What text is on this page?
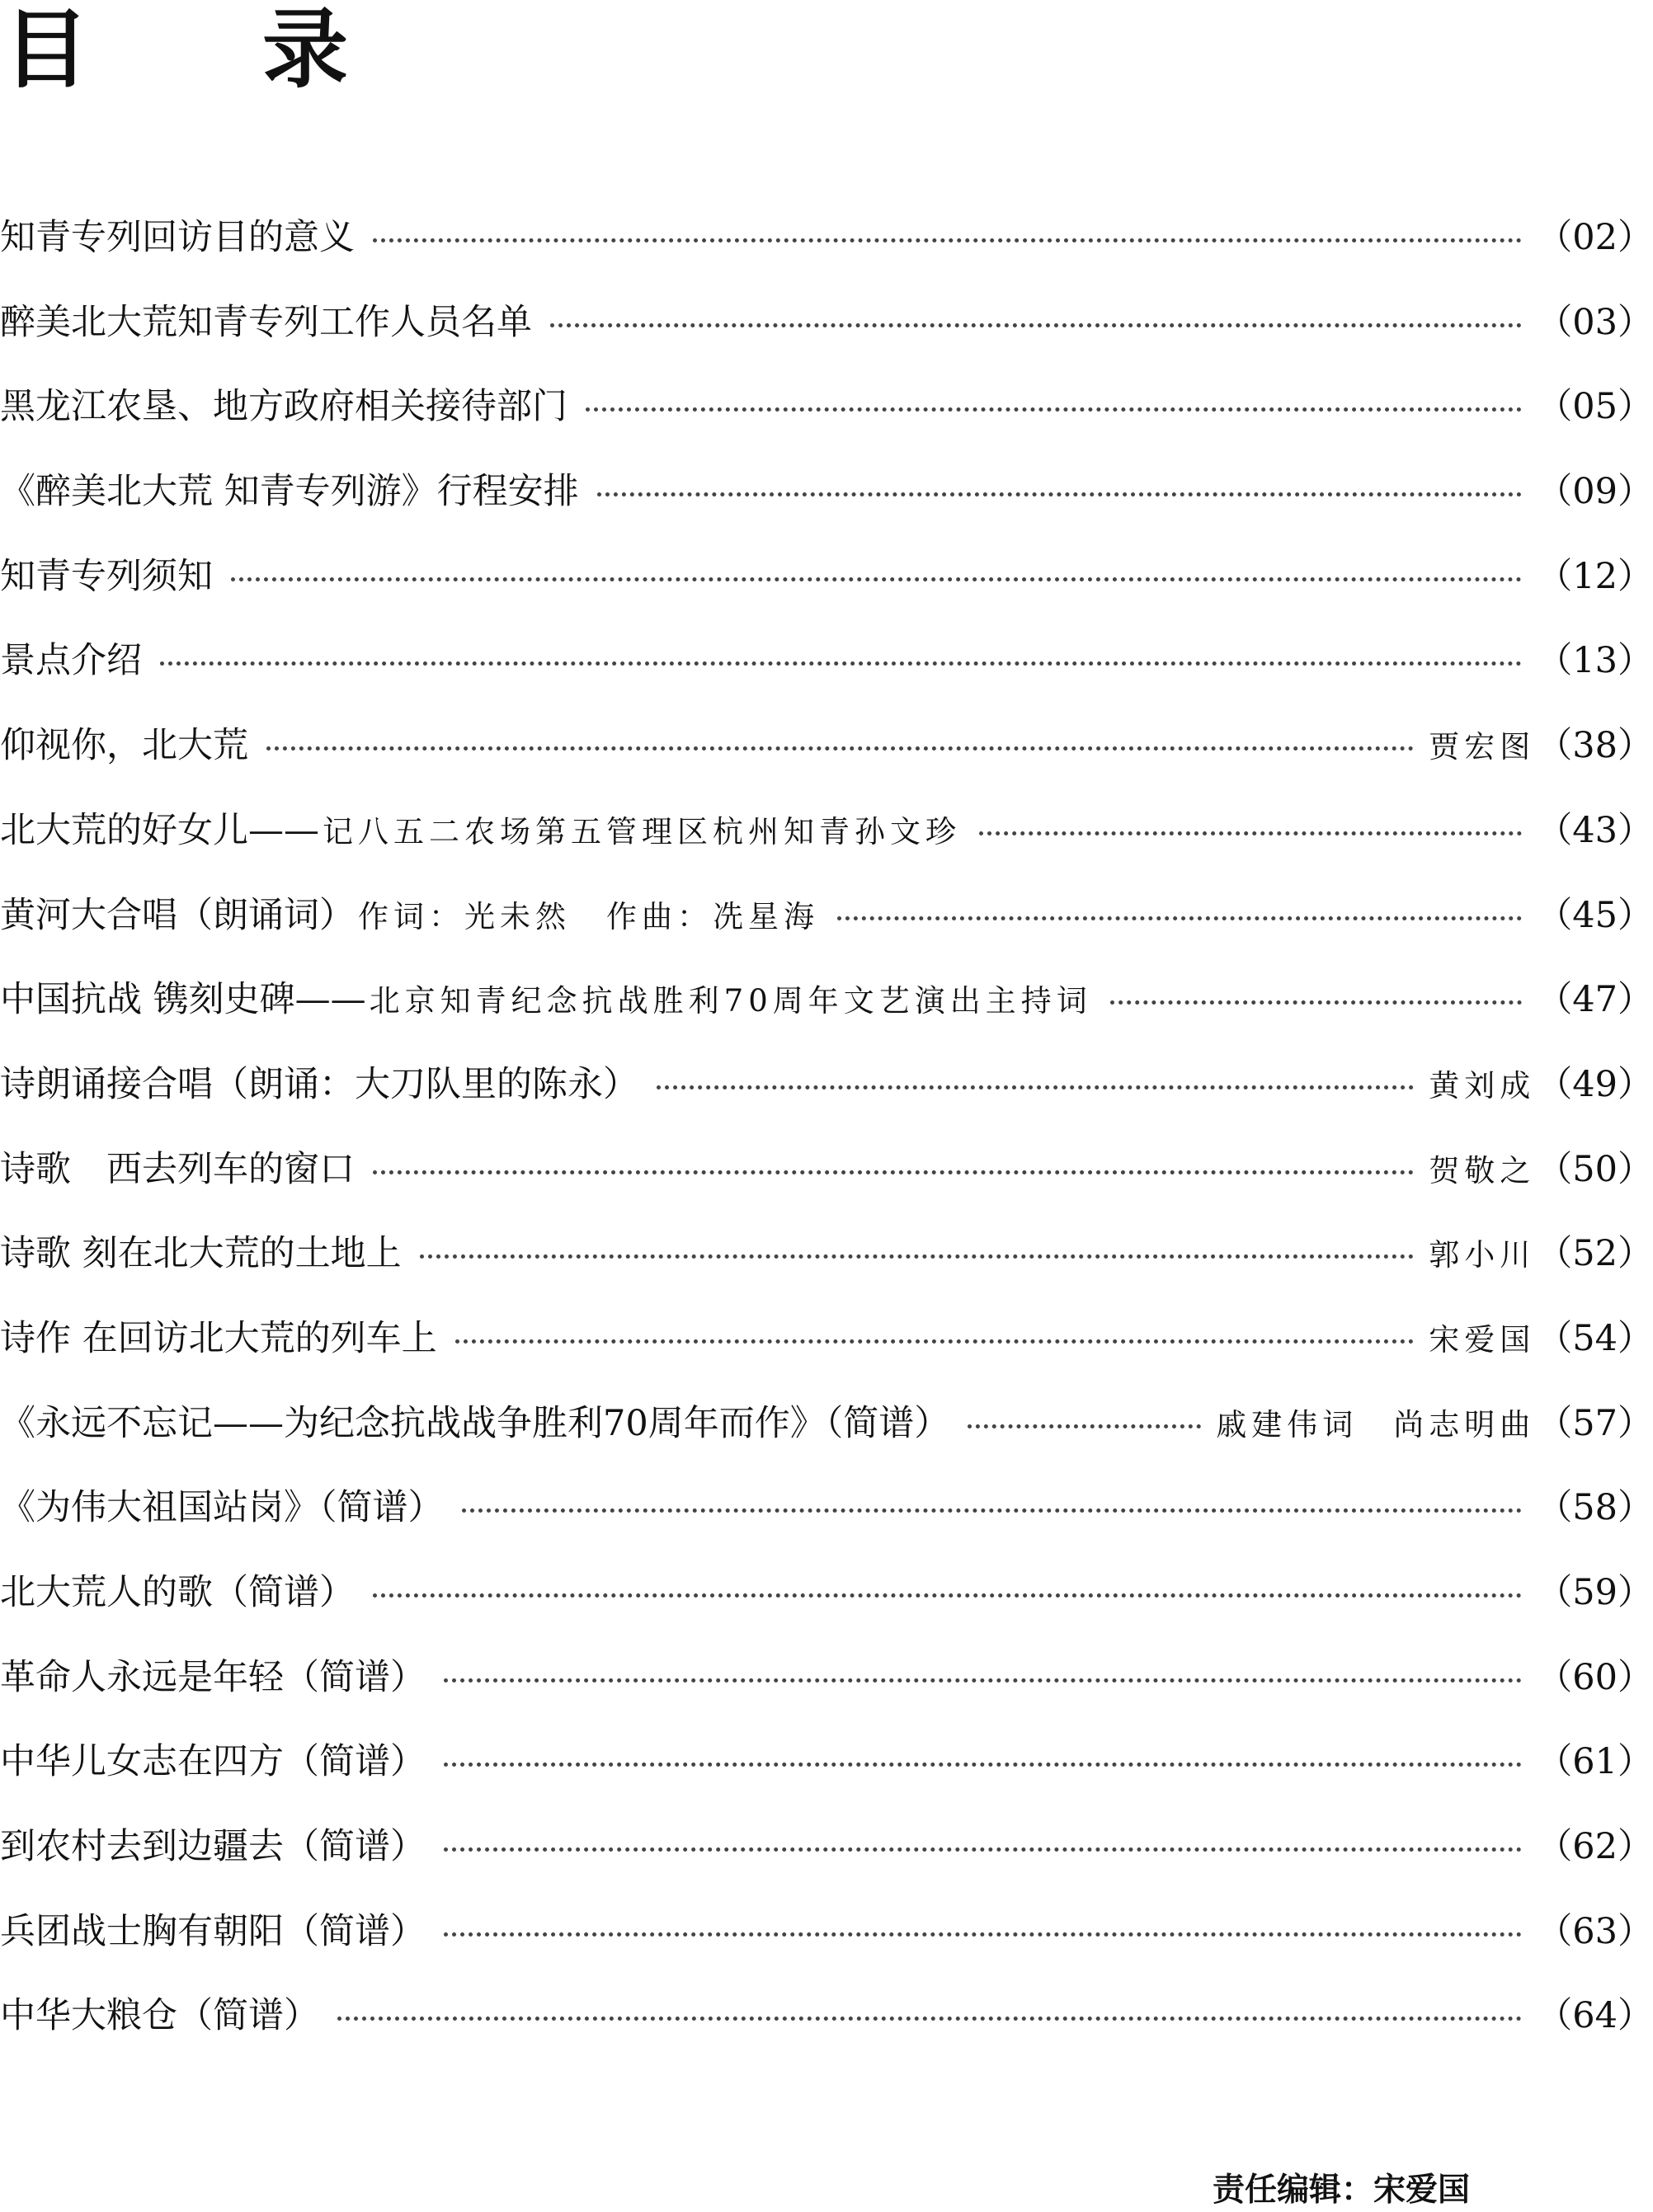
目录
知青专列回访目的意义	（02）
醉美北大荒知青专列工作人员名单	（03）
黑龙江农垦、地方政府相关接待部门	（05）
《醉美北大荒 知青专列游》行程安排	（09）
知青专列须知	（12）
景点介绍	（13）
仰视你，北大荒	贾宏图 （38）
北大荒的好女儿—— 记八五二农场第五管理区杭州知青孙文珍	（43）
黄河大合唱（朗诵词） 作词：光未然　作曲：冼星海	（45）
中国抗战 镌刻史碑—— 北京知青纪念抗战胜利70周年文艺演出主持词	（47）
诗朗诵接合唱（朗诵：大刀队里的陈永）	黄刘成 （49）
诗歌　西去列车的窗口	贺敬之 （50）
诗歌 刻在北大荒的土地上	郭小川 （52）
诗作 在回访北大荒的列车上	宋爱国 （54）
《永远不忘记——为纪念抗战战争胜利70周年而作》（简谱）	戚建伟词　尚志明曲 （57）
《为伟大祖国站岗》（简谱）	（58）
北大荒人的歌（简谱）	（59）
革命人永远是年轻（简谱）	（60）
中华儿女志在四方（简谱）	（61）
到农村去到边疆去（简谱）	（62）
兵团战士胸有朝阳（简谱）	（63）
中华大粮仓（简谱）	（64）

责任编辑：宋爱国
